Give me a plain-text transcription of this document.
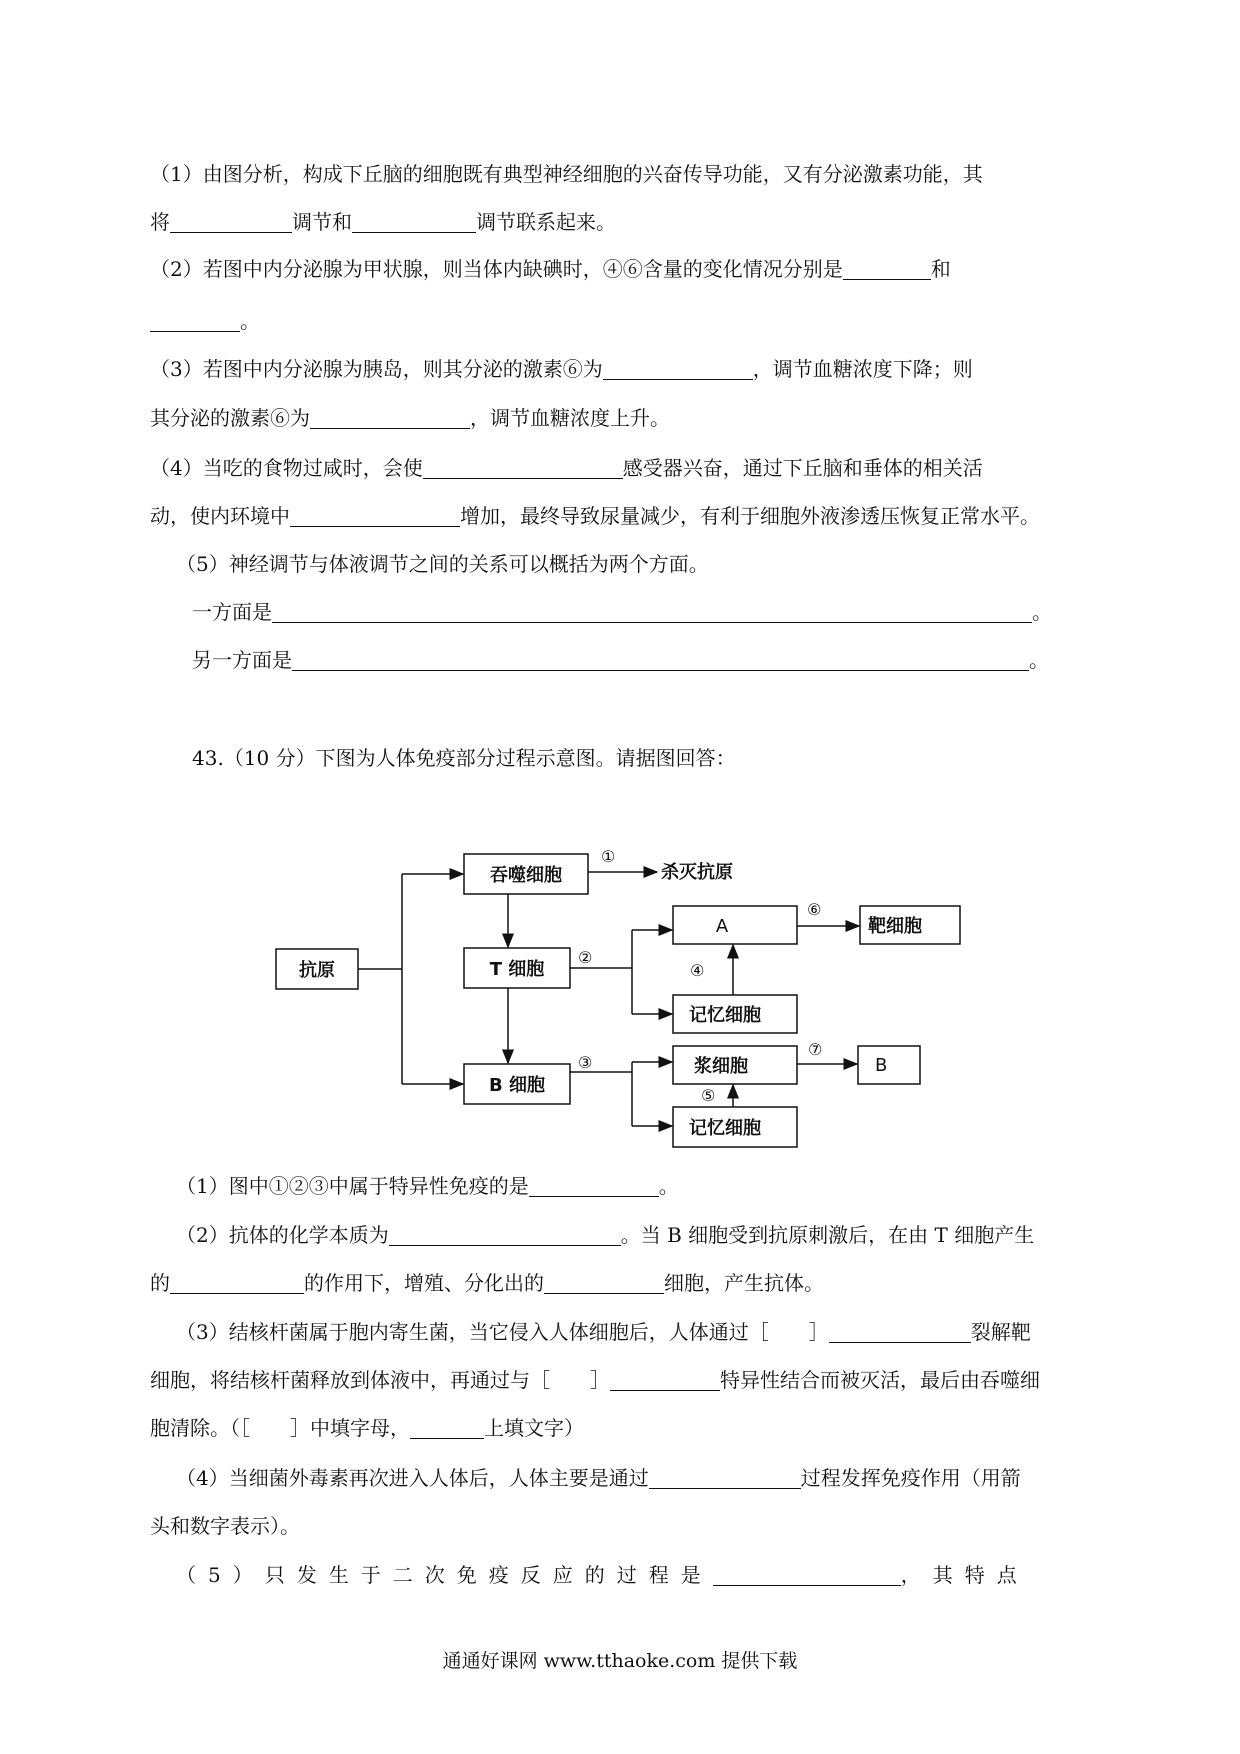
（1）由图分析，构成下丘脑的细胞既有典型神经细胞的兴奋传导功能，又有分泌激素功能，其
将	调节和	调节联系起来。
（2）若图中内分泌腺为甲状腺，则当体内缺碘时，④⑥含量的变化情况分别是	和
。
（3）若图中内分泌腺为胰岛，则其分泌的激素⑥为	，调节血糖浓度下降；则
其分泌的激素⑥为	，调节血糖浓度上升。
（4）当吃的食物过咸时，会使	感受器兴奋，通过下丘脑和垂体的相关活
动，使内环境中	增加，最终导致尿量减少，有利于细胞外液渗透压恢复正常水平。
（5）神经调节与体液调节之间的关系可以概括为两个方面。
一方面是	。
另一方面是	。
43.（10 分）下图为人体免疫部分过程示意图。请据图回答：
抗原
吞噬细胞	杀灭抗原
T 细胞
B 细胞
A	靶细胞
记忆细胞
浆细胞	B
记忆细胞
①
②
③
④
⑤
⑥
⑦
（1）图中①②③中属于特异性免疫的是	。
（2）抗体的化学本质为	。当 B 细胞受到抗原刺激后，在由 T 细胞产生
的	的作用下，增殖、分化出的	细胞，产生抗体。
（3）结核杆菌属于胞内寄生菌，当它侵入人体细胞后，人体通过［　　］	裂解靶
细胞，将结核杆菌释放到体液中，再通过与［　　］	特异性结合而被灭活，最后由吞噬细
胞清除。（［　　］中填字母，	上填文字）
（4）当细菌外毒素再次进入人体后，人体主要是通过	过程发挥免疫作用（用箭
头和数字表示）。
（5）只发生于二次免疫反应的过程是	，其特点
通通好课网 www.tthaoke.com 提供下载
